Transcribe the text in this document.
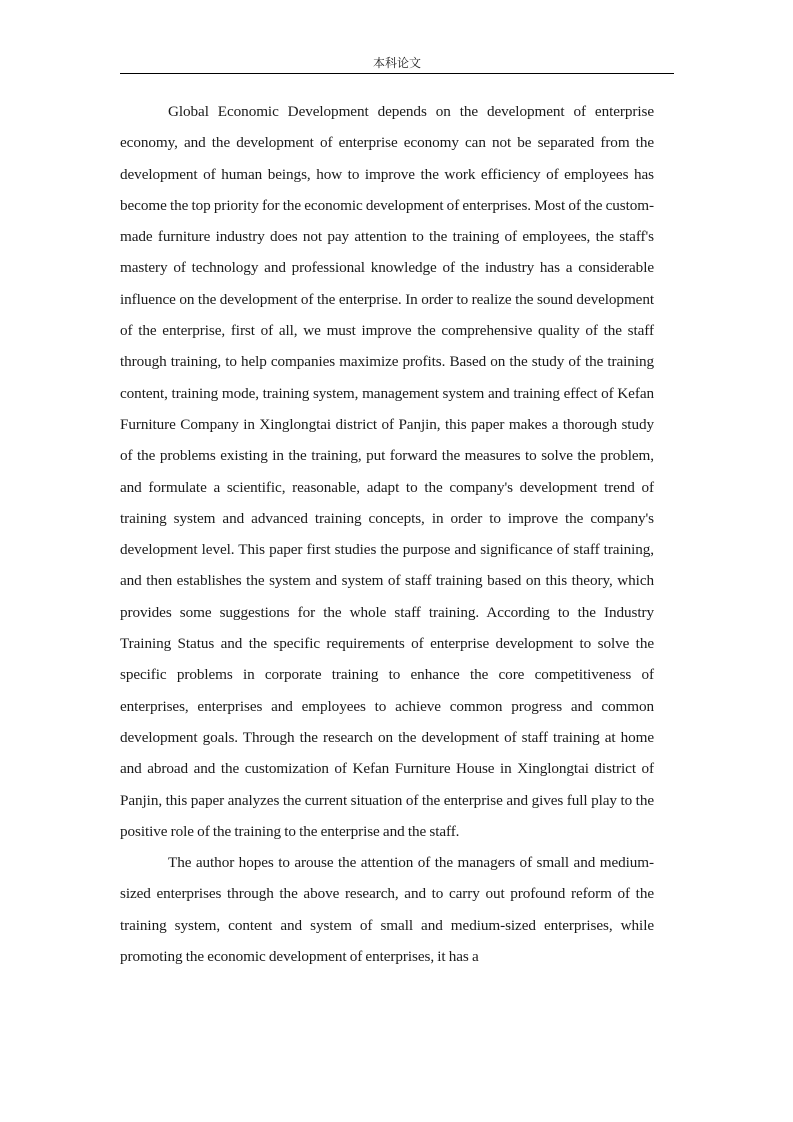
本科论文

Global Economic Development depends on the development of enterprise economy, and the development of enterprise economy can not be separated from the development of human beings, how to improve the work efficiency of employees has become the top priority for the economic development of enterprises. Most of the custom-made furniture industry does not pay attention to the training of employees, the staff's mastery of technology and professional knowledge of the industry has a considerable influence on the development of the enterprise. In order to realize the sound development of the enterprise, first of all, we must improve the comprehensive quality of the staff through training, to help companies maximize profits. Based on the study of the training content, training mode, training system, management system and training effect of Kefan Furniture Company in Xinglongtai district of Panjin, this paper makes a thorough study of the problems existing in the training, put forward the measures to solve the problem, and formulate a scientific, reasonable, adapt to the company's development trend of training system and advanced training concepts, in order to improve the company's development level. This paper first studies the purpose and significance of staff training, and then establishes the system and system of staff training based on this theory, which provides some suggestions for the whole staff training. According to the Industry Training Status and the specific requirements of enterprise development to solve the specific problems in corporate training to enhance the core competitiveness of enterprises, enterprises and employees to achieve common progress and common development goals. Through the research on the development of staff training at home and abroad and the customization of Kefan Furniture House in Xinglongtai district of Panjin, this paper analyzes the current situation of the enterprise and gives full play to the positive role of the training to the enterprise and the staff.

The author hopes to arouse the attention of the managers of small and medium-sized enterprises through the above research, and to carry out profound reform of the training system, content and system of small and medium-sized enterprises, while promoting the economic development of enterprises, it has a
